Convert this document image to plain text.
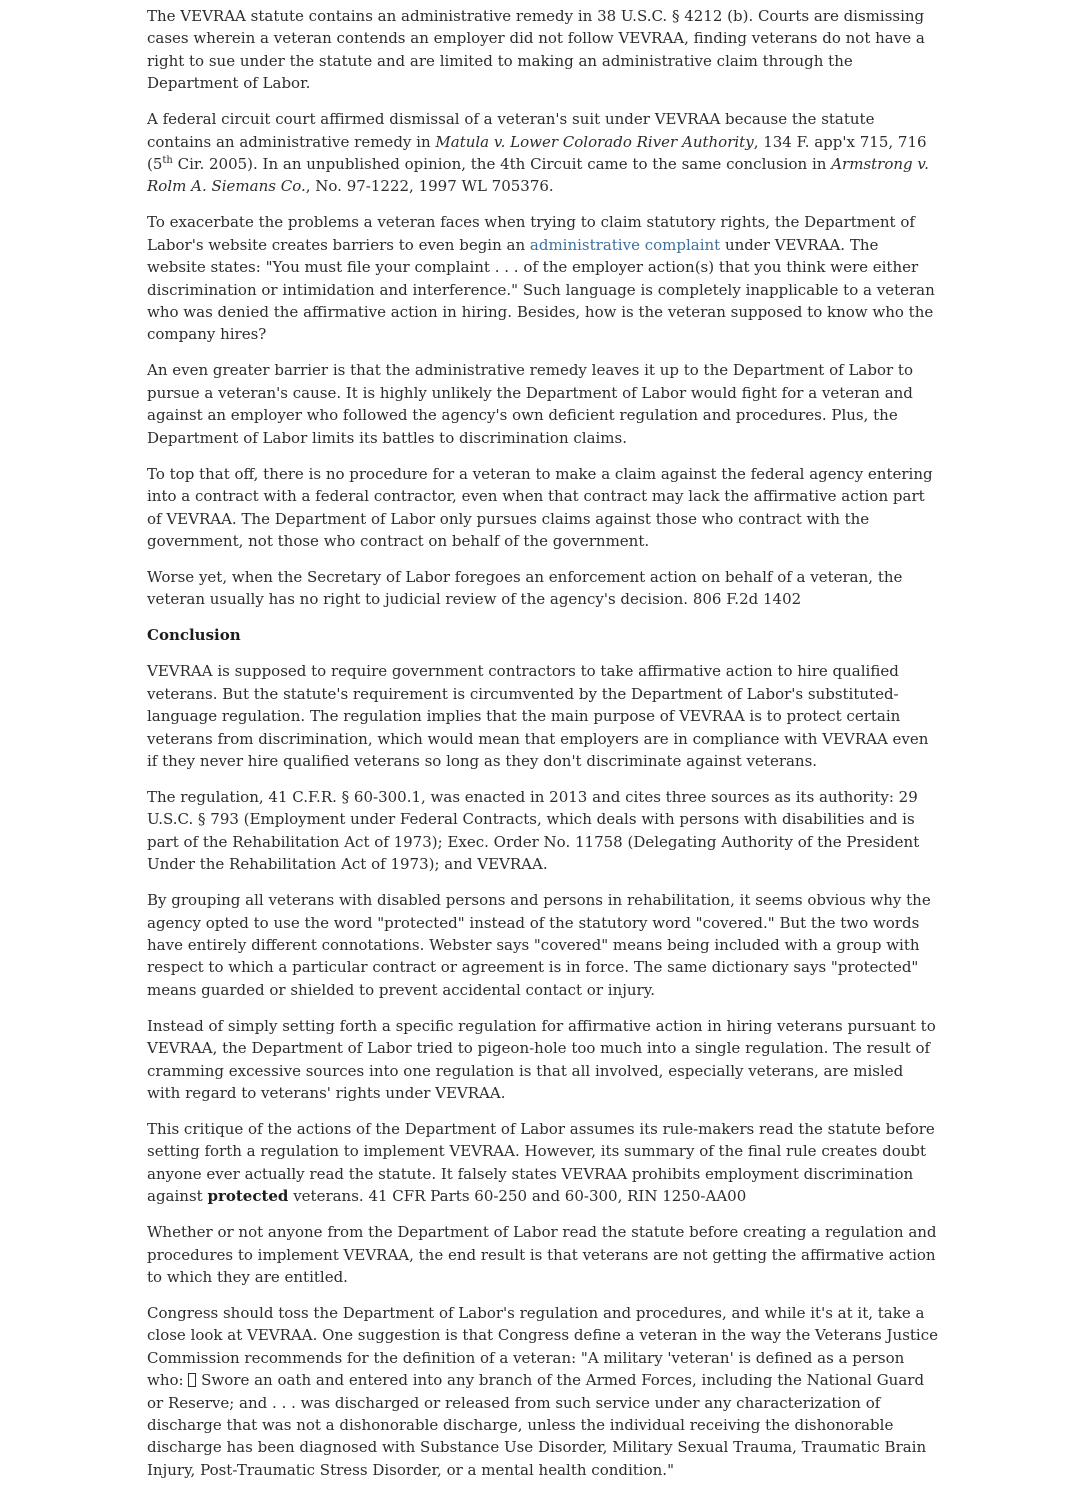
The VEVRAA statute contains an administrative remedy in 38 U.S.C. § 4212 (b). Courts are dismissing cases wherein a veteran contends an employer did not follow VEVRAA, finding veterans do not have a right to sue under the statute and are limited to making an administrative claim through the Department of Labor.

A federal circuit court affirmed dismissal of a veteran's suit under VEVRAA because the statute contains an administrative remedy in Matula v. Lower Colorado River Authority, 134 F. app'x 715, 716 (5th Cir. 2005). In an unpublished opinion, the 4th Circuit came to the same conclusion in Armstrong v. Rolm A. Siemans Co., No. 97-1222, 1997 WL 705376.

To exacerbate the problems a veteran faces when trying to claim statutory rights, the Department of Labor's website creates barriers to even begin an administrative complaint under VEVRAA. The website states: "You must file your complaint . . . of the employer action(s) that you think were either discrimination or intimidation and interference." Such language is completely inapplicable to a veteran who was denied the affirmative action in hiring. Besides, how is the veteran supposed to know who the company hires?

An even greater barrier is that the administrative remedy leaves it up to the Department of Labor to pursue a veteran's cause. It is highly unlikely the Department of Labor would fight for a veteran and against an employer who followed the agency's own deficient regulation and procedures. Plus, the Department of Labor limits its battles to discrimination claims.

To top that off, there is no procedure for a veteran to make a claim against the federal agency entering into a contract with a federal contractor, even when that contract may lack the affirmative action part of VEVRAA. The Department of Labor only pursues claims against those who contract with the government, not those who contract on behalf of the government.

Worse yet, when the Secretary of Labor foregoes an enforcement action on behalf of a veteran, the veteran usually has no right to judicial review of the agency's decision. 806 F.2d 1402

Conclusion

VEVRAA is supposed to require government contractors to take affirmative action to hire qualified veterans. But the statute's requirement is circumvented by the Department of Labor's substituted-language regulation. The regulation implies that the main purpose of VEVRAA is to protect certain veterans from discrimination, which would mean that employers are in compliance with VEVRAA even if they never hire qualified veterans so long as they don't discriminate against veterans.

The regulation, 41 C.F.R. § 60-300.1, was enacted in 2013 and cites three sources as its authority: 29 U.S.C. § 793 (Employment under Federal Contracts, which deals with persons with disabilities and is part of the Rehabilitation Act of 1973); Exec. Order No. 11758 (Delegating Authority of the President Under the Rehabilitation Act of 1973); and VEVRAA.

By grouping all veterans with disabled persons and persons in rehabilitation, it seems obvious why the agency opted to use the word "protected" instead of the statutory word "covered." But the two words have entirely different connotations. Webster says "covered" means being included with a group with respect to which a particular contract or agreement is in force. The same dictionary says "protected" means guarded or shielded to prevent accidental contact or injury.

Instead of simply setting forth a specific regulation for affirmative action in hiring veterans pursuant to VEVRAA, the Department of Labor tried to pigeon-hole too much into a single regulation. The result of cramming excessive sources into one regulation is that all involved, especially veterans, are misled with regard to veterans' rights under VEVRAA.

This critique of the actions of the Department of Labor assumes its rule-makers read the statute before setting forth a regulation to implement VEVRAA. However, its summary of the final rule creates doubt anyone ever actually read the statute. It falsely states VEVRAA prohibits employment discrimination against protected veterans. 41 CFR Parts 60-250 and 60-300, RIN 1250-AA00

Whether or not anyone from the Department of Labor read the statute before creating a regulation and procedures to implement VEVRAA, the end result is that veterans are not getting the affirmative action to which they are entitled.

Congress should toss the Department of Labor's regulation and procedures, and while it's at it, take a close look at VEVRAA. One suggestion is that Congress define a veteran in the way the Veterans Justice Commission recommends for the definition of a veteran: "A military 'veteran' is defined as a person who:  Swore an oath and entered into any branch of the Armed Forces, including the National Guard or Reserve; and . . . was discharged or released from such service under any characterization of discharge that was not a dishonorable discharge, unless the individual receiving the dishonorable discharge has been diagnosed with Substance Use Disorder, Military Sexual Trauma, Traumatic Brain Injury, Post-Traumatic Stress Disorder, or a mental health condition."
